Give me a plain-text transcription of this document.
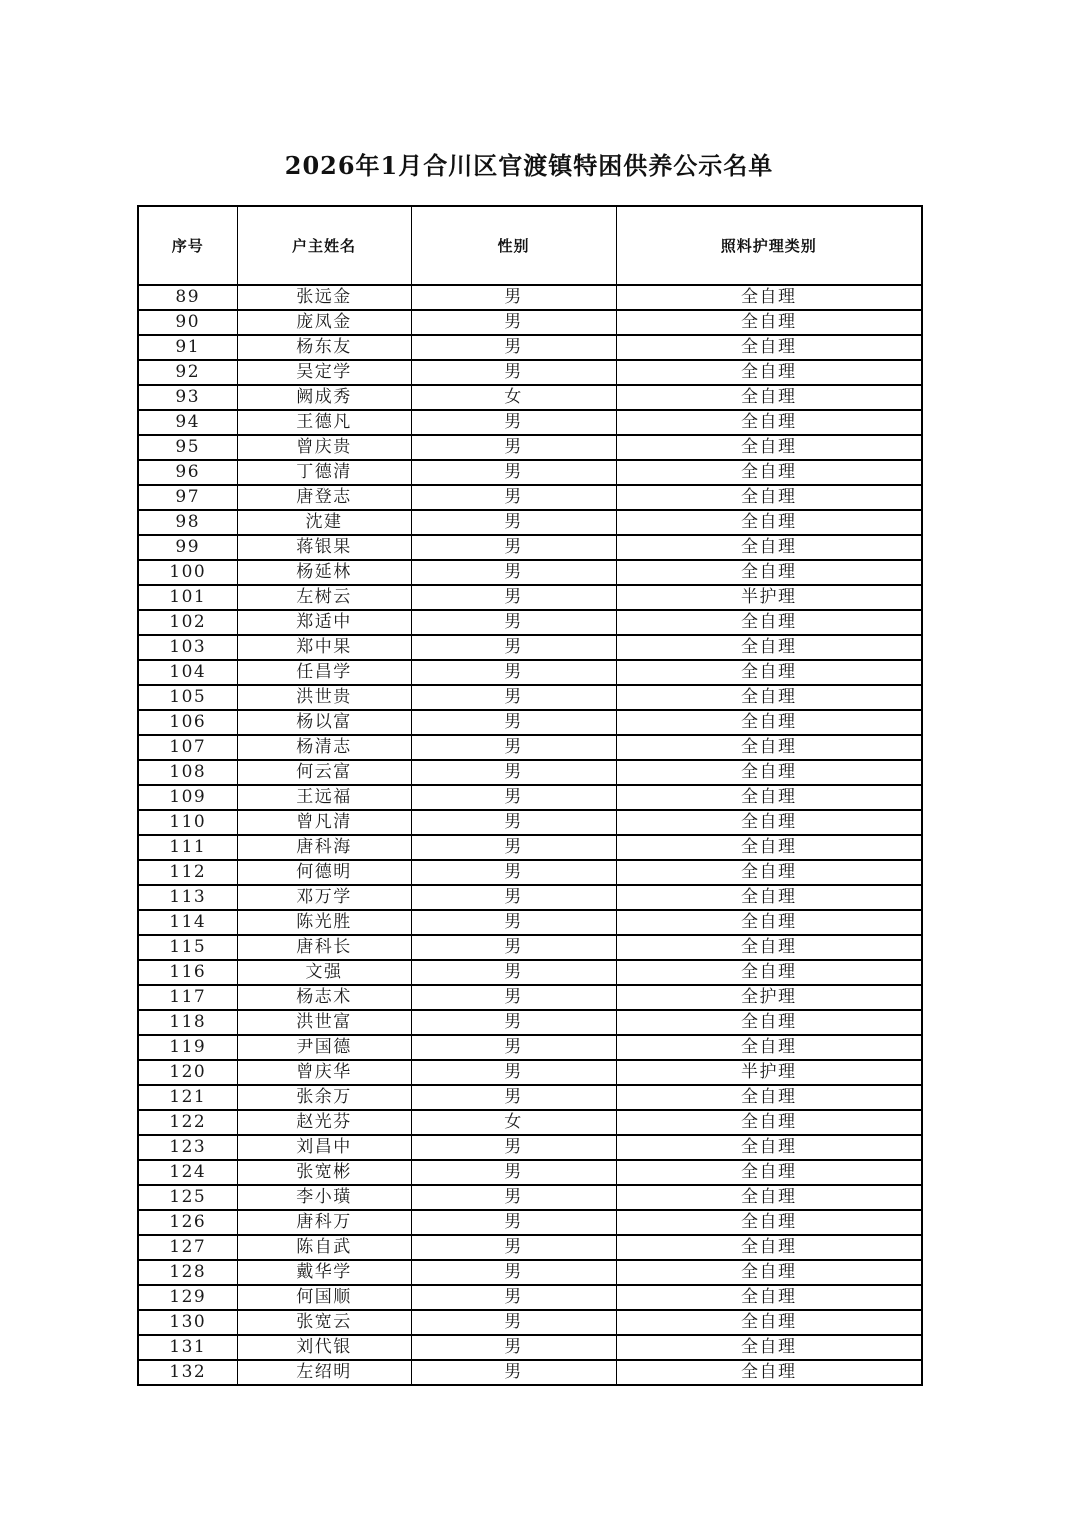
2026年1月合川区官渡镇特困供养公示名单
序号	户主姓名	性别	照料护理类别
89	张远金	男	全自理
90	庞凤金	男	全自理
91	杨东友	男	全自理
92	吴定学	男	全自理
93	阙成秀	女	全自理
94	王德凡	男	全自理
95	曾庆贵	男	全自理
96	丁德清	男	全自理
97	唐登志	男	全自理
98	沈建	男	全自理
99	蒋银果	男	全自理
100	杨延林	男	全自理
101	左树云	男	半护理
102	郑适中	男	全自理
103	郑中果	男	全自理
104	任昌学	男	全自理
105	洪世贵	男	全自理
106	杨以富	男	全自理
107	杨清志	男	全自理
108	何云富	男	全自理
109	王远福	男	全自理
110	曾凡清	男	全自理
111	唐科海	男	全自理
112	何德明	男	全自理
113	邓万学	男	全自理
114	陈光胜	男	全自理
115	唐科长	男	全自理
116	文强	男	全自理
117	杨志术	男	全护理
118	洪世富	男	全自理
119	尹国德	男	全自理
120	曾庆华	男	半护理
121	张余万	男	全自理
122	赵光芬	女	全自理
123	刘昌中	男	全自理
124	张宽彬	男	全自理
125	李小璜	男	全自理
126	唐科万	男	全自理
127	陈自武	男	全自理
128	戴华学	男	全自理
129	何国顺	男	全自理
130	张宽云	男	全自理
131	刘代银	男	全自理
132	左绍明	男	全自理
